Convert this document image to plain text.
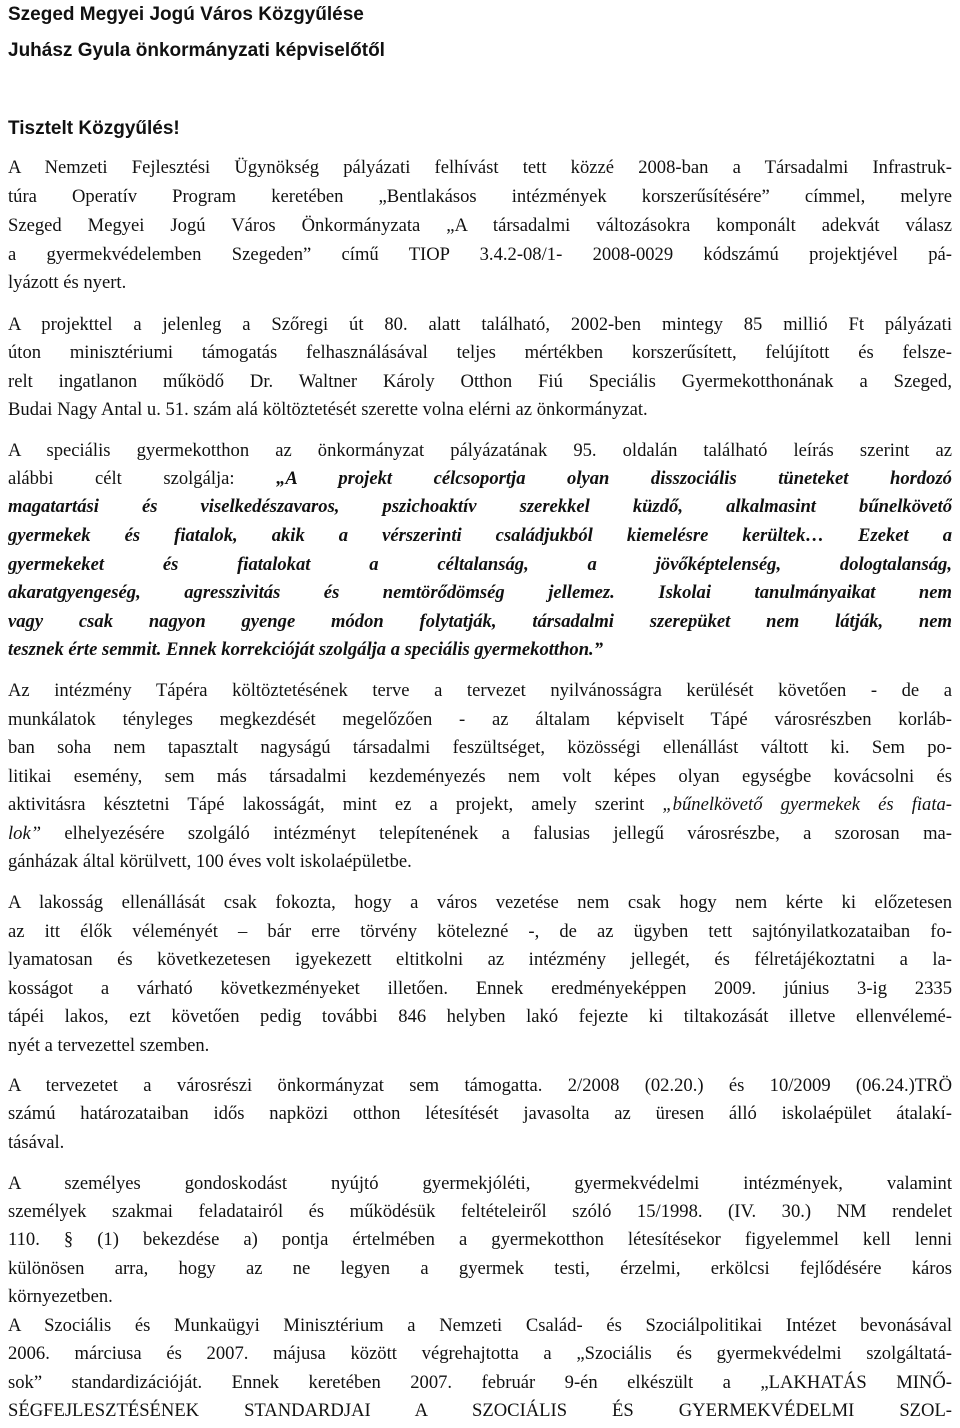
Szeged Megyei Jogú Város Közgyűlése
Juhász Gyula önkormányzati képviselőtől
Tisztelt Közgyűlés!
A Nemzeti Fejlesztési Ügynökség pályázati felhívást tett közzé 2008-ban a Társadalmi Infrastruk-
túra Operatív Program keretében „Bentlakásos intézmények korszerűsítésére” címmel, melyre
Szeged Megyei Jogú Város Önkormányzata „A társadalmi változásokra komponált adekvát válasz
a gyermekvédelemben Szegeden” című TIOP 3.4.2-08/1- 2008-0029 kódszámú projektjével pá-
lyázott és nyert.
A projekttel a jelenleg a Szőregi út 80. alatt található, 2002-ben mintegy 85 millió Ft pályázati
úton minisztériumi támogatás felhasználásával teljes mértékben korszerűsített, felújított és felsze-
relt ingatlanon működő Dr. Waltner Károly Otthon Fiú Speciális Gyermekotthonának a Szeged,
Budai Nagy Antal u. 51. szám alá költöztetését szerette volna elérni az önkormányzat.
A speciális gyermekotthon az önkormányzat pályázatának 95. oldalán található leírás szerint az
alábbi célt szolgálja: „A projekt célcsoportja olyan disszociális tüneteket hordozó
magatartási és viselkedészavaros, pszichoaktív szerekkel küzdő, alkalmasint bűnelkövető
gyermekek és fiatalok, akik a vérszerinti családjukból kiemelésre kerültek… Ezeket a
gyermekeket és fiatalokat a céltalanság, a jövőképtelenség, dologtalanság,
akaratgyengeség, agresszivitás és nemtörődömség jellemez. Iskolai tanulmányaikat nem
vagy csak nagyon gyenge módon folytatják, társadalmi szerepüket nem látják, nem
tesznek érte semmit. Ennek korrekcióját szolgálja a speciális gyermekotthon.”
Az intézmény Tápéra költöztetésének terve a tervezet nyilvánosságra kerülését követően - de a
munkálatok tényleges megkezdését megelőzően - az általam képviselt Tápé városrészben korláb-
ban soha nem tapasztalt nagyságú társadalmi feszültséget, közösségi ellenállást váltott ki. Sem po-
litikai esemény, sem más társadalmi kezdeményezés nem volt képes olyan egységbe kovácsolni és
aktivitásra késztetni Tápé lakosságát, mint ez a projekt, amely szerint „bűnelkövető gyermekek és fiata-
lok” elhelyezésére szolgáló intézményt telepítenének a falusias jellegű városrészbe, a szorosan ma-
gánházak által körülvett, 100 éves volt iskolaépületbe.
A lakosság ellenállását csak fokozta, hogy a város vezetése nem csak hogy nem kérte ki előzetesen
az itt élők véleményét – bár erre törvény kötelezné -, de az ügyben tett sajtónyilatkozataiban fo-
lyamatosan és következetesen igyekezett eltitkolni az intézmény jellegét, és félretájékoztatni a la-
kosságot a várható következményeket illetően. Ennek eredményeképpen 2009. június 3-ig 2335
tápéi lakos, ezt követően pedig további 846 helyben lakó fejezte ki tiltakozását illetve ellenvélemé-
nyét a tervezettel szemben.
A tervezetet a városrészi önkormányzat sem támogatta. 2/2008 (02.20.) és 10/2009 (06.24.)TRÖ
számú határozataiban idős napközi otthon létesítését javasolta az üresen álló iskolaépület átalakí-
tásával.
A személyes gondoskodást nyújtó gyermekjóléti, gyermekvédelmi intézmények, valamint
személyek szakmai feladatairól és működésük feltételeiről szóló 15/1998. (IV. 30.) NM rendelet
110. § (1) bekezdése a) pontja értelmében a gyermekotthon létesítésekor figyelemmel kell lenni
különösen arra, hogy az ne legyen a gyermek testi, érzelmi, erkölcsi fejlődésére káros
környezetben.
A Szociális és Munkaügyi Minisztérium a Nemzeti Család- és Szociálpolitikai Intézet bevonásával
2006. márciusa és 2007. májusa között végrehajtotta a „Szociális és gyermekvédelmi szolgáltatá-
sok” standardizációját. Ennek keretében 2007. február 9-én elkészült a „LAKHATÁS MINŐ-
SÉGFEJLESZTÉSÉNEK STANDARDJAI A SZOCIÁLIS ÉS GYERMEKVÉDELMI SZOL-
